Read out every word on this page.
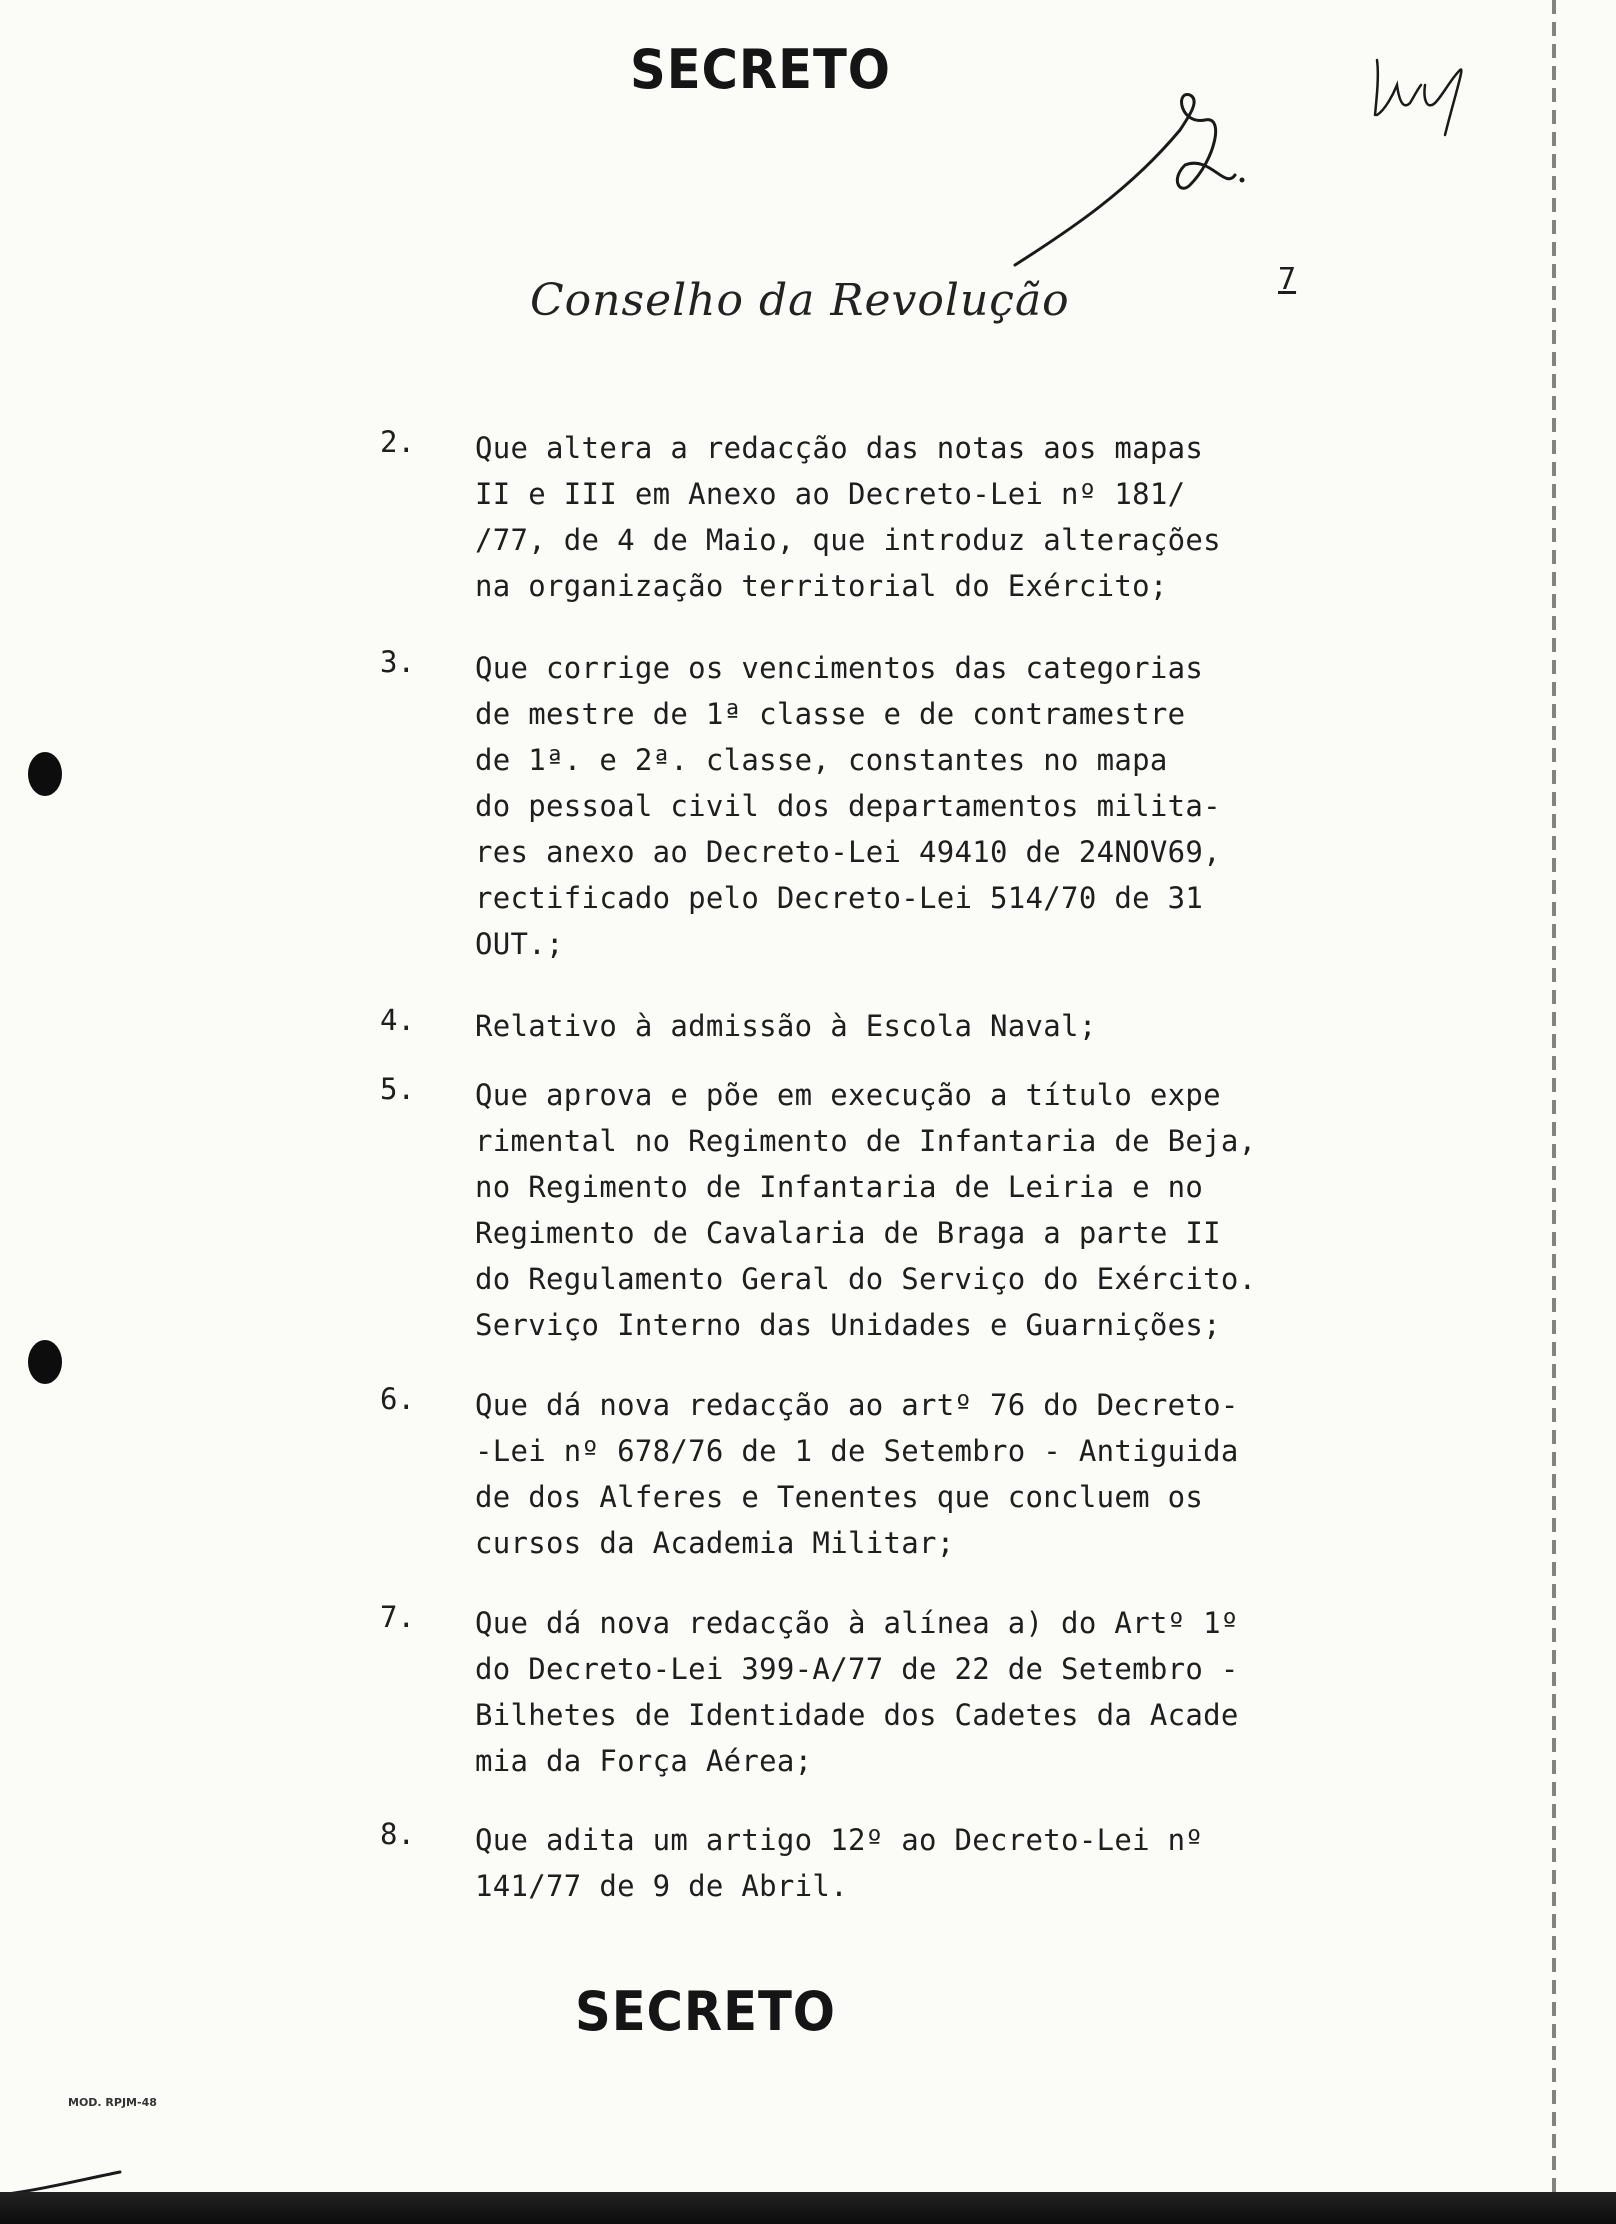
SECRETO
Conselho da Revolução	7
2. Que altera a redacção das notas aos mapas
II e III em Anexo ao Decreto-Lei nº 181/
/77, de 4 de Maio, que introduz alterações
na organização territorial do Exército;
3. Que corrige os vencimentos das categorias
de mestre de 1ª classe e de contramestre
de 1ª. e 2ª. classe, constantes no mapa
do pessoal civil dos departamentos milita-
res anexo ao Decreto-Lei 49410 de 24NOV69,
rectificado pelo Decreto-Lei 514/70 de 31
OUT.;
4. Relativo à admissão à Escola Naval;
5. Que aprova e põe em execução a título expe
rimental no Regimento de Infantaria de Beja,
no Regimento de Infantaria de Leiria e no
Regimento de Cavalaria de Braga a parte II
do Regulamento Geral do Serviço do Exército.
Serviço Interno das Unidades e Guarnições;
6. Que dá nova redacção ao artº 76 do Decreto-
-Lei nº 678/76 de 1 de Setembro - Antiguida
de dos Alferes e Tenentes que concluem os
cursos da Academia Militar;
7. Que dá nova redacção à alínea a) do Artº 1º
do Decreto-Lei 399-A/77 de 22 de Setembro -
Bilhetes de Identidade dos Cadetes da Acade
mia da Força Aérea;
8. Que adita um artigo 12º ao Decreto-Lei nº
141/77 de 9 de Abril.
SECRETO
MOD. RPJM-48
